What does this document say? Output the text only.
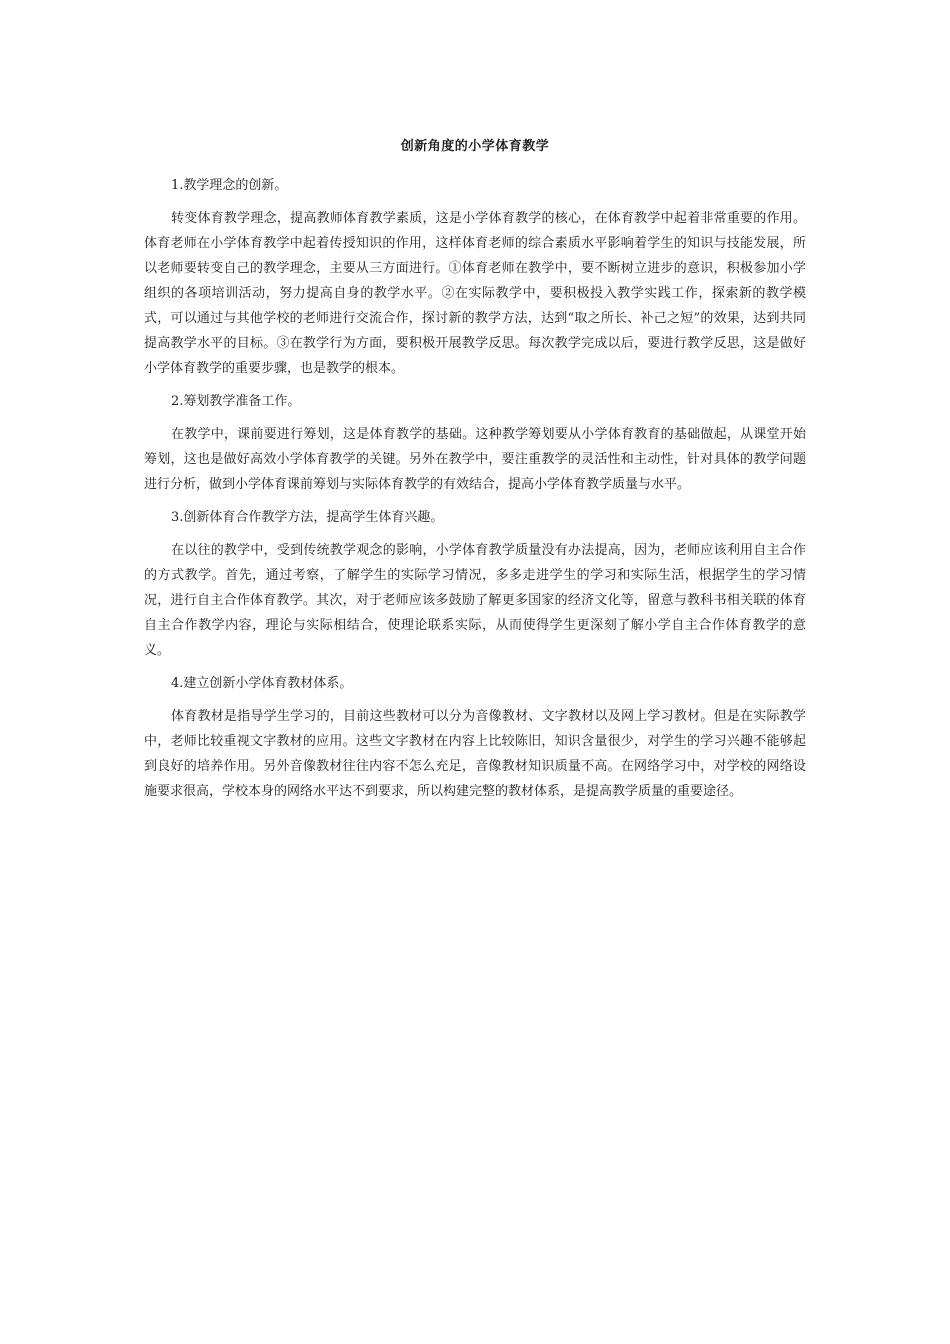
创新角度的小学体育教学

1.教学理念的创新。

转变体育教学理念，提高教师体育教学素质，这是小学体育教学的核心，在体育教学中起着非常重要的作用。体育老师在小学体育教学中起着传授知识的作用，这样体育老师的综合素质水平影响着学生的知识与技能发展，所以老师要转变自己的教学理念，主要从三方面进行。①体育老师在教学中，要不断树立进步的意识，积极参加小学组织的各项培训活动，努力提高自身的教学水平。②在实际教学中，要积极投入教学实践工作，探索新的教学模式，可以通过与其他学校的老师进行交流合作，探讨新的教学方法，达到“取之所长、补己之短”的效果，达到共同提高教学水平的目标。③在教学行为方面，要积极开展教学反思。每次教学完成以后，要进行教学反思，这是做好小学体育教学的重要步骤，也是教学的根本。

2.筹划教学准备工作。

在教学中，课前要进行筹划，这是体育教学的基础。这种教学筹划要从小学体育教育的基础做起，从课堂开始筹划，这也是做好高效小学体育教学的关键。另外在教学中，要注重教学的灵活性和主动性，针对具体的教学问题进行分析，做到小学体育课前筹划与实际体育教学的有效结合，提高小学体育教学质量与水平。

3.创新体育合作教学方法，提高学生体育兴趣。

在以往的教学中，受到传统教学观念的影响，小学体育教学质量没有办法提高，因为，老师应该利用自主合作的方式教学。首先，通过考察，了解学生的实际学习情况，多多走进学生的学习和实际生活，根据学生的学习情况，进行自主合作体育教学。其次，对于老师应该多鼓励了解更多国家的经济文化等，留意与教科书相关联的体育自主合作教学内容，理论与实际相结合，使理论联系实际，从而使得学生更深刻了解小学自主合作体育教学的意义。

4.建立创新小学体育教材体系。

体育教材是指导学生学习的，目前这些教材可以分为音像教材、文字教材以及网上学习教材。但是在实际教学中，老师比较重视文字教材的应用。这些文字教材在内容上比较陈旧，知识含量很少，对学生的学习兴趣不能够起到良好的培养作用。另外音像教材往往内容不怎么充足，音像教材知识质量不高。在网络学习中，对学校的网络设施要求很高，学校本身的网络水平达不到要求，所以构建完整的教材体系，是提高教学质量的重要途径。
